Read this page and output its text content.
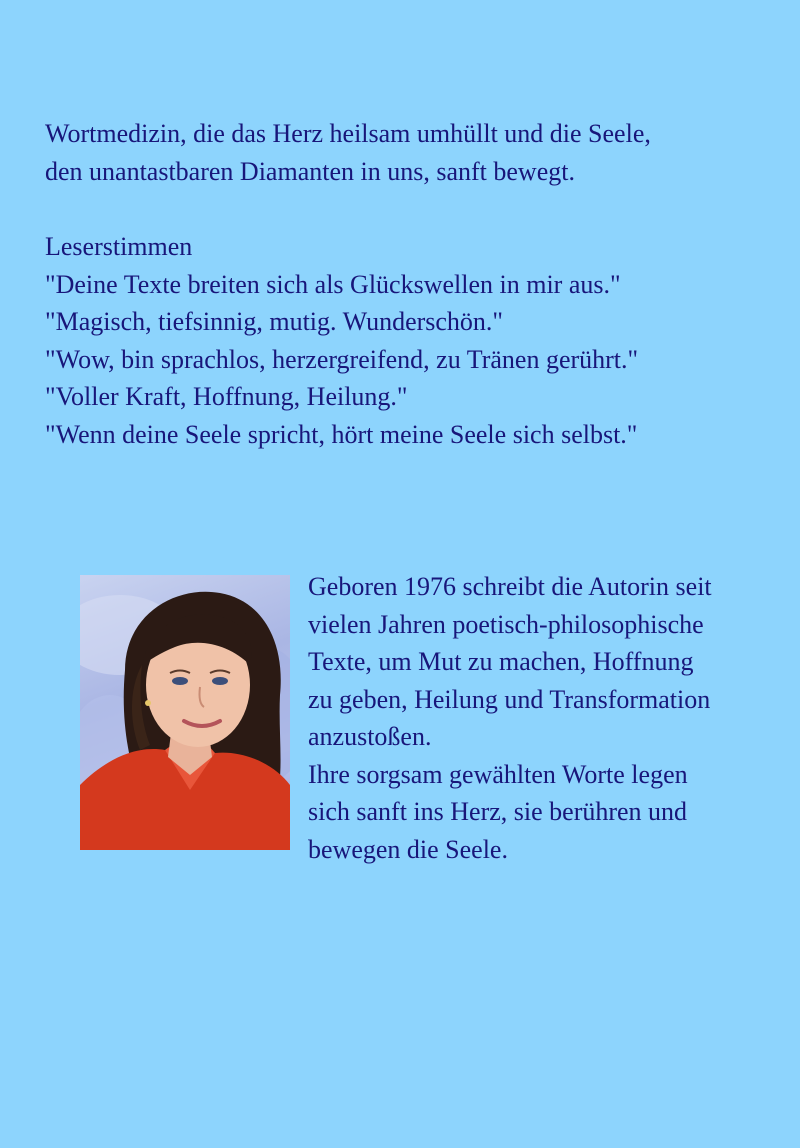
Wortmedizin, die das Herz heilsam umhüllt und die Seele,
den unantastbaren Diamanten in uns, sanft bewegt.
Leserstimmen
"Deine Texte breiten sich als Glückswellen in mir aus."
"Magisch, tiefsinnig, mutig. Wunderschön."
"Wow, bin sprachlos, herzergreifend, zu Tränen gerührt."
"Voller Kraft, Hoffnung, Heilung."
"Wenn deine Seele spricht, hört meine Seele sich selbst."
Geboren 1976 schreibt die Autorin seit
vielen Jahren poetisch-philosophische
Texte, um Mut zu machen, Hoffnung
zu geben, Heilung und Transformation
anzustoßen.
Ihre sorgsam gewählten Worte legen
sich sanft ins Herz, sie berühren und
bewegen die Seele.
